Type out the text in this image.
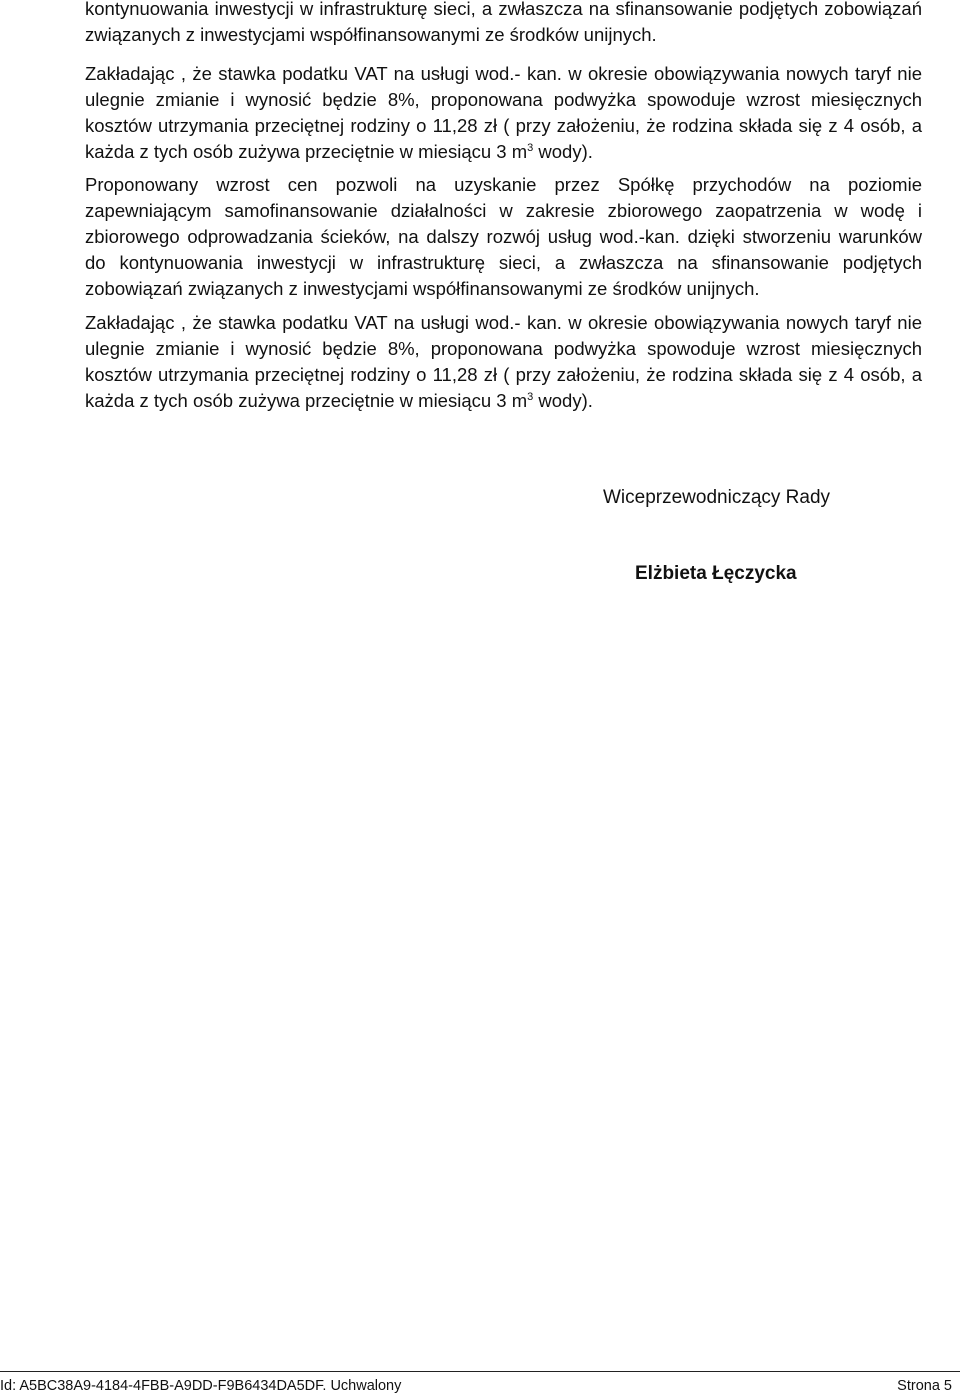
kontynuowania inwestycji w infrastrukturę sieci, a zwłaszcza na sfinansowanie podjętych zobowiązań związanych z inwestycjami współfinansowanymi ze środków unijnych.

Zakładając , że stawka podatku VAT na usługi wod.- kan. w okresie obowiązywania nowych taryf nie ulegnie zmianie i wynosić będzie 8%, proponowana podwyżka spowoduje wzrost miesięcznych kosztów utrzymania przeciętnej rodziny o 11,28 zł ( przy założeniu, że rodzina składa się z 4 osób, a każda z tych osób zużywa przeciętnie w miesiącu 3 $m^3$ wody).

Proponowany wzrost cen pozwoli na uzyskanie przez Spółkę przychodów na poziomie zapewniającym samofinansowanie działalności w zakresie zbiorowego zaopatrzenia w wodę i zbiorowego odprowadzania ścieków, na dalszy rozwój usług wod.-kan. dzięki stworzeniu warunków do kontynuowania inwestycji w infrastrukturę sieci, a zwłaszcza na sfinansowanie podjętych zobowiązań związanych z inwestycjami współfinansowanymi ze środków unijnych.

Zakładając , że stawka podatku VAT na usługi wod.- kan. w okresie obowiązywania nowych taryf nie ulegnie zmianie i wynosić będzie 8%, proponowana podwyżka spowoduje wzrost miesięcznych kosztów utrzymania przeciętnej rodziny o 11,28 zł ( przy założeniu, że rodzina składa się z 4 osób, a każda z tych osób zużywa przeciętnie w miesiącu 3 $m^3$ wody).

Wiceprzewodniczący Rady
Elżbieta Łęczycka
Id: A5BC38A9-4184-4FBB-A9DD-F9B6434DA5DF. Uchwalony	Strona 5
